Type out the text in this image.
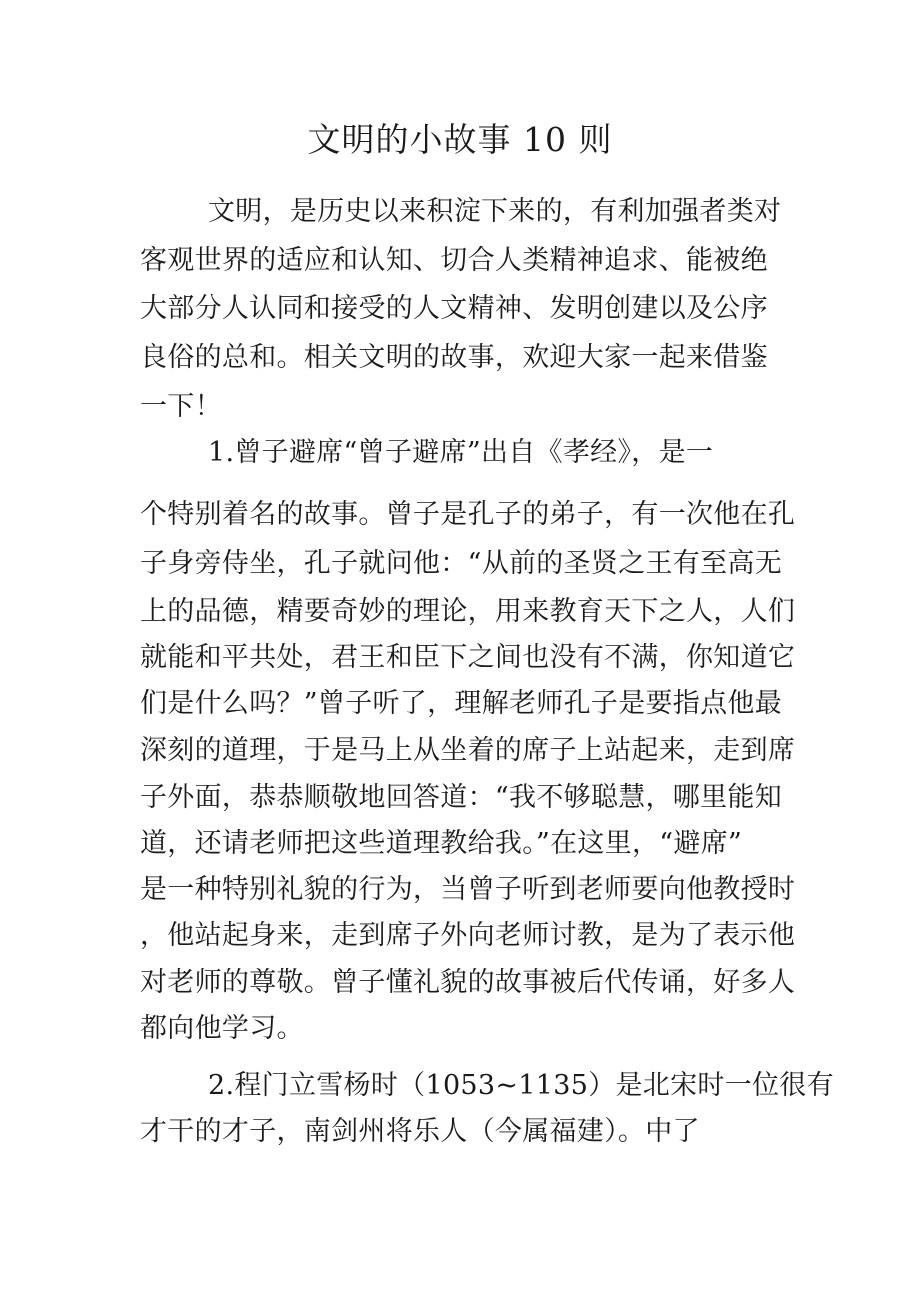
文明的小故事 10 则
文明，是历史以来积淀下来的，有利加强者类对
客观世界的适应和认知、切合人类精神追求、能被绝
大部分人认同和接受的人文精神、发明创建以及公序
良俗的总和。相关文明的故事，欢迎大家一起来借鉴
一下！
1.曾子避席“曾子避席”出自《孝经》，是一
个特别着名的故事。曾子是孔子的弟子，有一次他在孔
子身旁侍坐，孔子就问他：“从前的圣贤之王有至高无
上的品德，精要奇妙的理论，用来教育天下之人，人们
就能和平共处，君王和臣下之间也没有不满，你知道它
们是什么吗？”曾子听了，理解老师孔子是要指点他最
深刻的道理，于是马上从坐着的席子上站起来，走到席
子外面，恭恭顺敬地回答道：“我不够聪慧，哪里能知
道，还请老师把这些道理教给我。”在这里，“避席”
是一种特别礼貌的行为，当曾子听到老师要向他教授时
，他站起身来，走到席子外向老师讨教，是为了表示他
对老师的尊敬。曾子懂礼貌的故事被后代传诵，好多人
都向他学习。
2.程门立雪杨时（1053~1135）是北宋时一位很有
才干的才子，南剑州将乐人（今属福建）。中了
